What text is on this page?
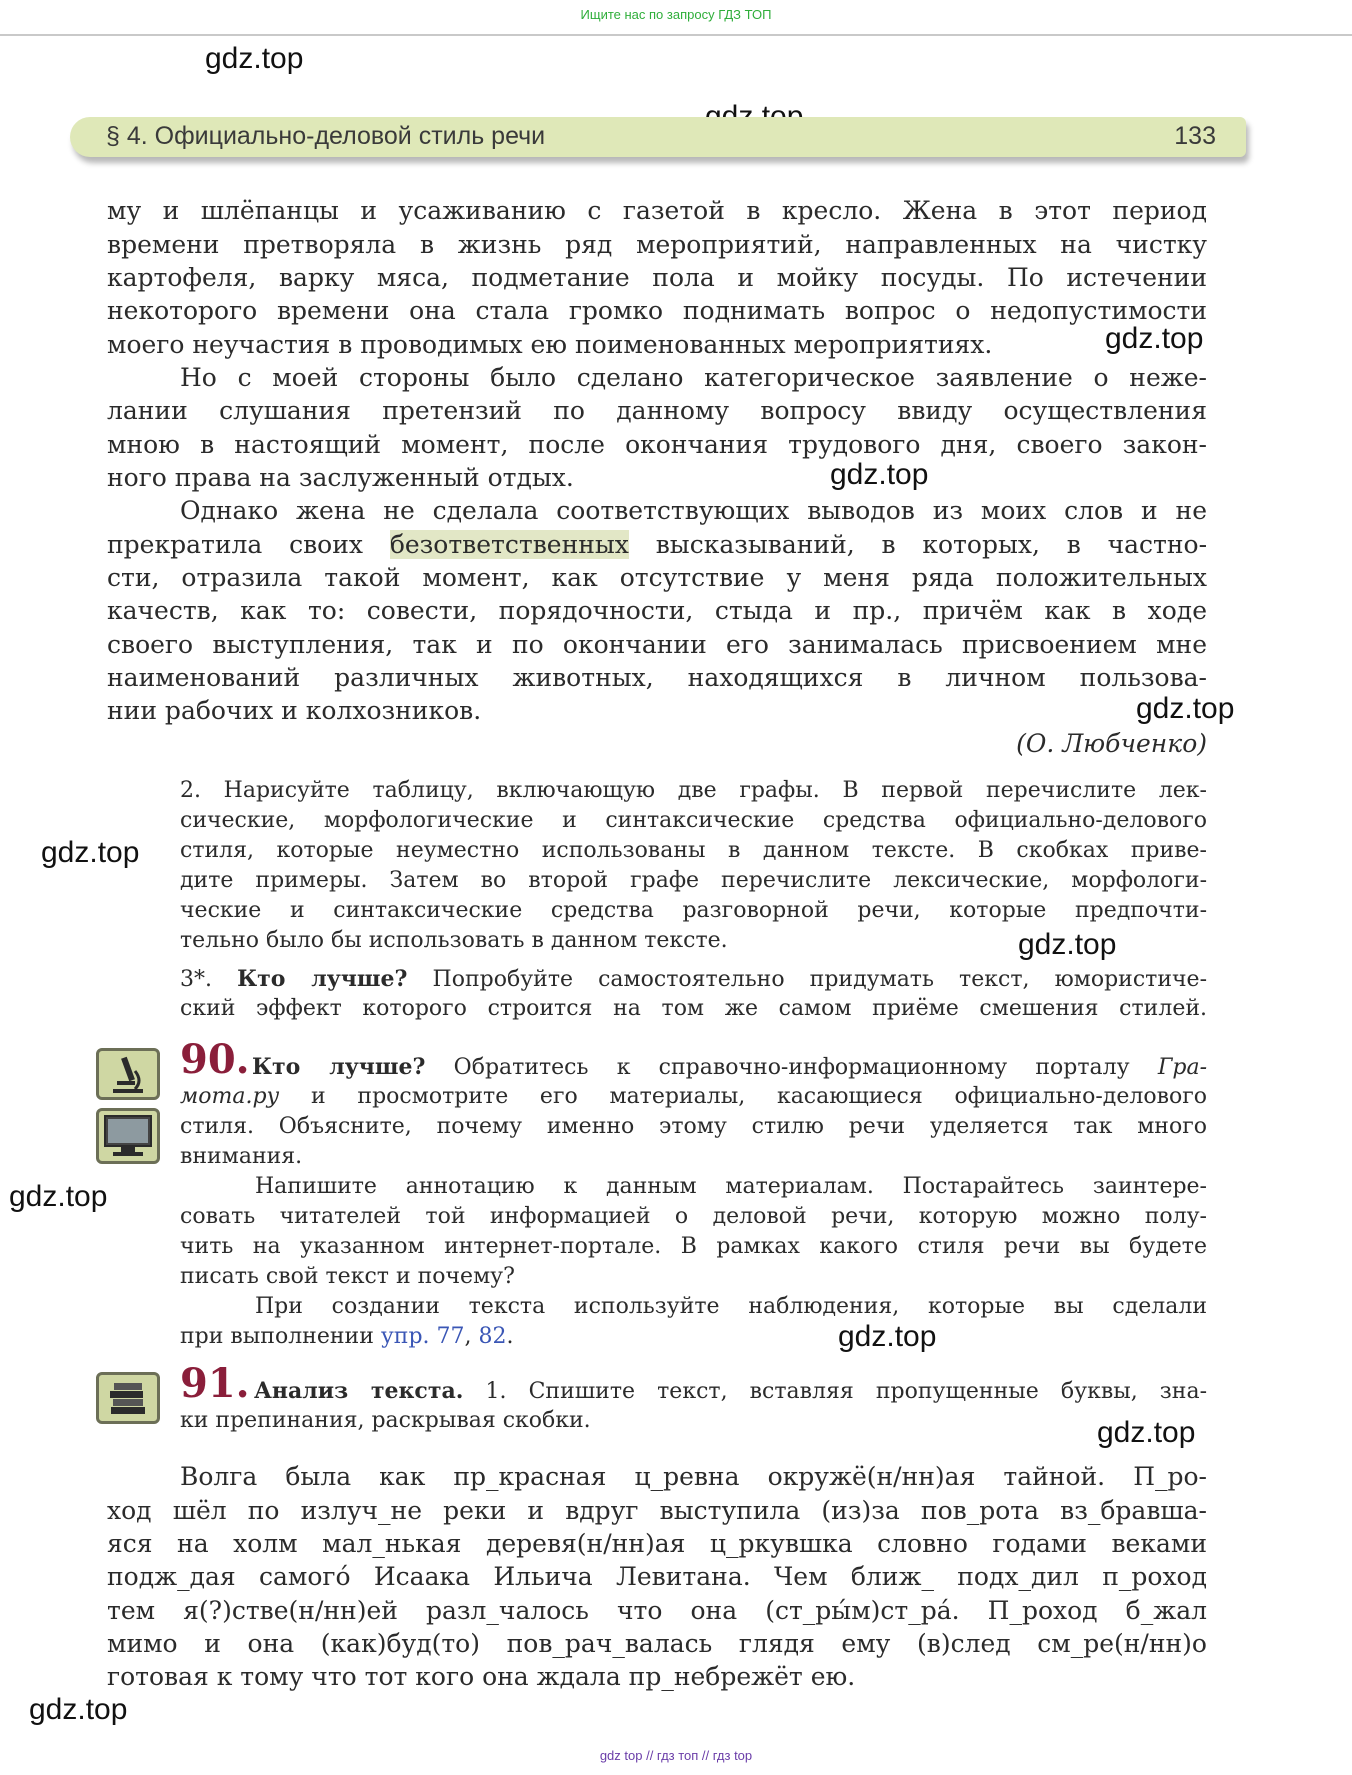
Ищите нас по запросу ГДЗ ТОП
gdz.top
gdz.top
gdz.top
gdz.top
gdz.top
gdz.top
gdz.top
gdz.top
gdz.top
gdz.top
§ 4. Официально-деловой стиль речи	133
му и шлёпанцы и усаживанию с газетой в кресло. Жена в этот период
времени претворяла в жизнь ряд мероприятий, направленных на чистку
картофеля, варку мяса, подметание пола и мойку посуды. По истечении
некоторого времени она стала громко поднимать вопрос о недопустимости
моего неучастия в проводимых ею поименованных мероприятиях.
Но с моей стороны было сделано категорическое заявление о неже-
лании слушания претензий по данному вопросу ввиду осуществления
мною в настоящий момент, после окончания трудового дня, своего закон-
ного права на заслуженный отдых.
Однако жена не сделала соответствующих выводов из моих слов и не
прекратила своих безответственных высказываний, в которых, в частно-
сти, отразила такой момент, как отсутствие у меня ряда положительных
качеств, как то: совести, порядочности, стыда и пр., причём как в ходе
своего выступления, так и по окончании его занималась присвоением мне
наименований различных животных, находящихся в личном пользова-
нии рабочих и колхозников.
(О. Любченко)
2. Нарисуйте таблицу, включающую две графы. В первой перечислите лек-
сические, морфологические и синтаксические средства официально-делового
стиля, которые неуместно использованы в данном тексте. В скобках приве-
дите примеры. Затем во второй графе перечислите лексические, морфологи-
ческие и синтаксические средства разговорной речи, которые предпочти-
тельно было бы использовать в данном тексте.
3*. Кто лучше? Попробуйте самостоятельно придумать текст, юмористиче-
ский эффект которого строится на том же самом приёме смешения стилей.
90. Кто лучше? Обратитесь к справочно-информационному порталу Гра-
мота.ру и просмотрите его материалы, касающиеся официально-делового
стиля. Объясните, почему именно этому стилю речи уделяется так много
внимания.
Напишите аннотацию к данным материалам. Постарайтесь заинтере-
совать читателей той информацией о деловой речи, которую можно полу-
чить на указанном интернет-портале. В рамках какого стиля речи вы будете
писать свой текст и почему?
При создании текста используйте наблюдения, которые вы сделали
при выполнении упр. 77, 82.
91. Анализ текста. 1. Спишите текст, вставляя пропущенные буквы, зна-
ки препинания, раскрывая скобки.
Волга была как пр_красная ц_ревна окружё(н/нн)ая тайной. П_ро-
ход шёл по излуч_не реки и вдруг выступила (из)за пов_рота вз_бравша-
яся на холм мал_нькая деревя(н/нн)ая ц_ркувшка словно годами веками
подж_дая самого́ Исаака Ильича Левитана. Чем ближ_ подх_дил п_роход
тем я(?)стве(н/нн)ей разл_чалось что она (ст_ры́м)ст_ра́. П_роход б_жал
мимо и она (как)буд(то) пов_рач_валась глядя ему (в)след см_ре(н/нн)о
готовая к тому что тот кого она ждала пр_небрежёт ею.
gdz top // гдз топ // гдз top
